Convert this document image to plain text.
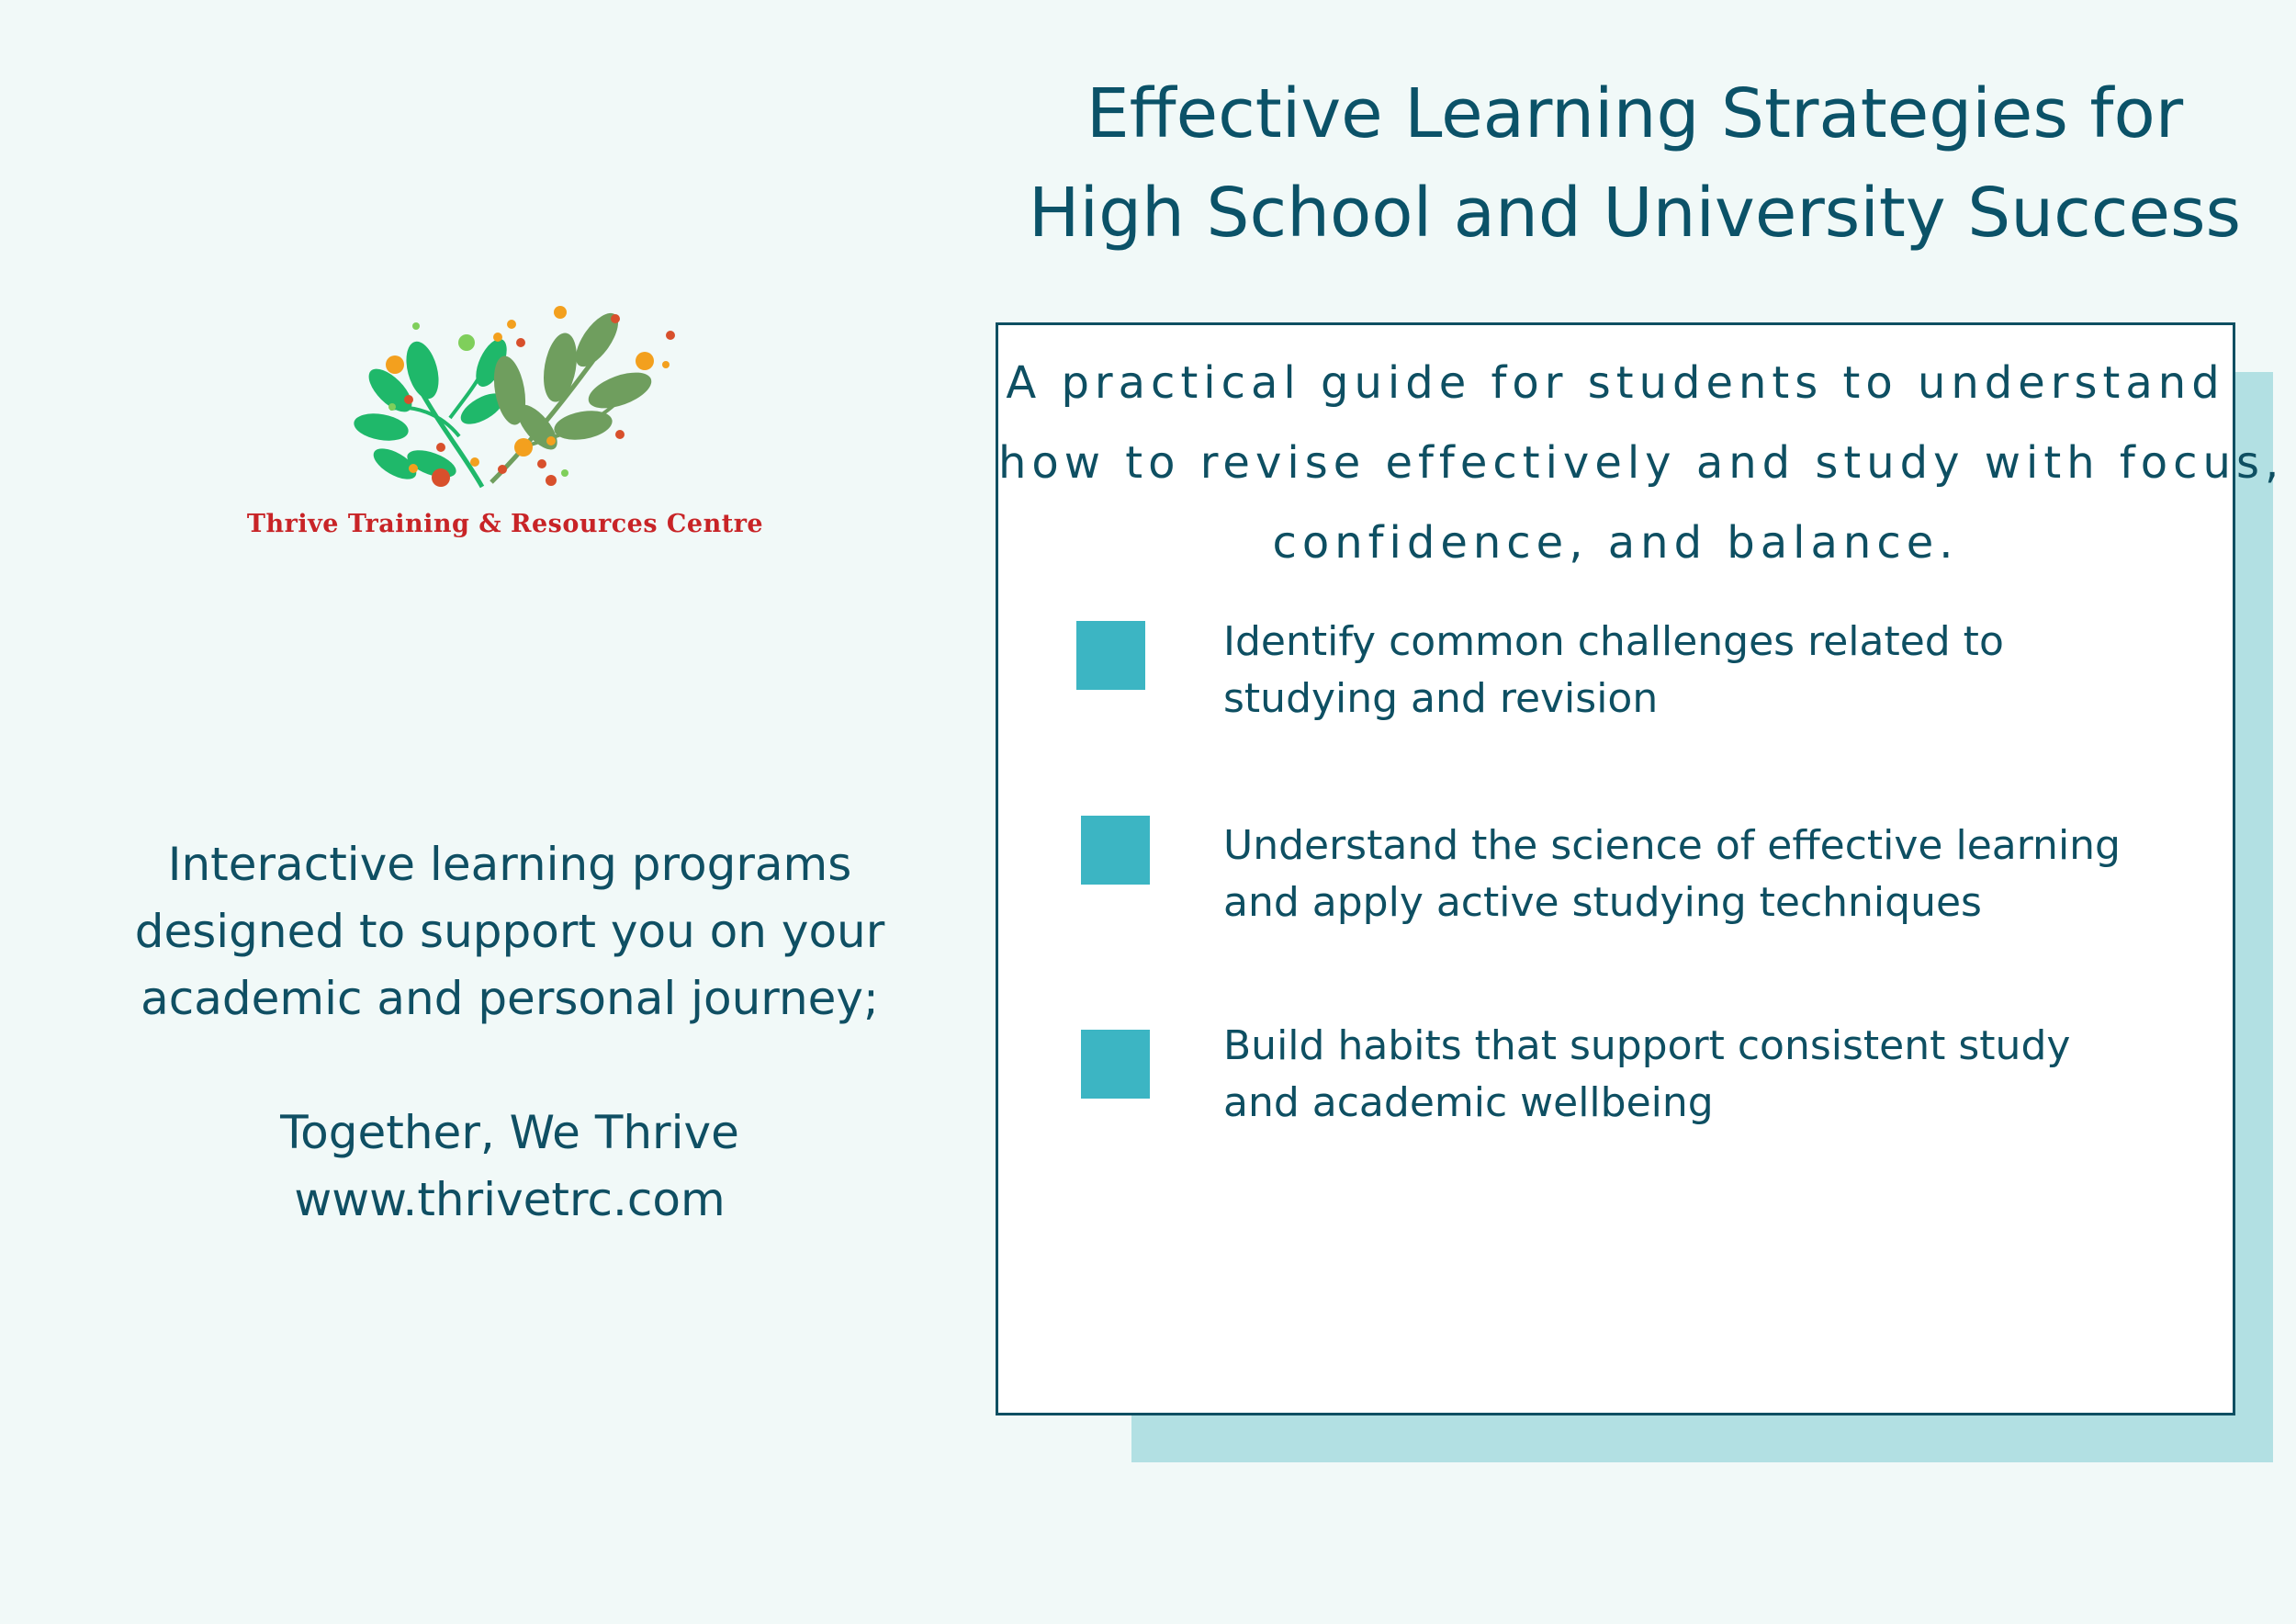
Effective Learning Strategies for
High School and University Success
Thrive Training & Resources Centre
Interactive learning programs
designed to support you on your
academic and personal journey;
Together, We Thrive
www.thrivetrc.com

A practical guide for students to understand
how to revise effectively and study with focus,
confidence, and balance.

Identify common challenges related to
studying and revision

Understand the science of effective learning
and apply active studying techniques

Build habits that support consistent study
and academic wellbeing
